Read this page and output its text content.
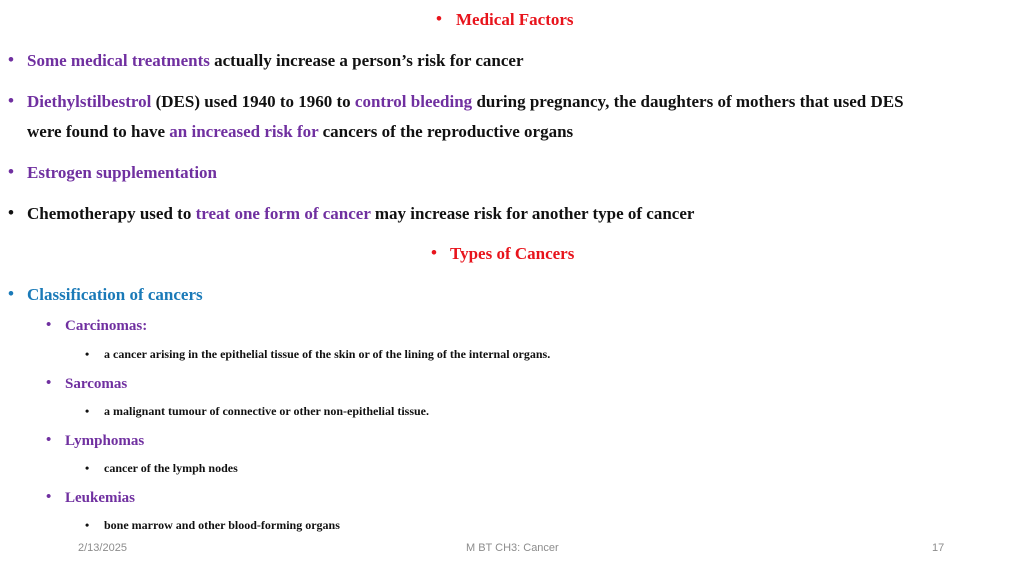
• Medical Factors
• Some medical treatments actually increase a person’s risk for cancer
• Diethylstilbestrol (DES) used 1940 to 1960 to control bleeding during pregnancy, the daughters of mothers that used DES
were found to have an increased risk for cancers of the reproductive organs
• Estrogen supplementation
• Chemotherapy used to treat one form of cancer may increase risk for another type of cancer
• Types of Cancers
• Classification of cancers
• Carcinomas:
• a cancer arising in the epithelial tissue of the skin or of the lining of the internal organs.
• Sarcomas
• a malignant tumour of connective or other non-epithelial tissue.
• Lymphomas
• cancer of the lymph nodes
• Leukemias
• bone marrow and other blood-forming organs
2/13/2025	M BT CH3: Cancer	17
